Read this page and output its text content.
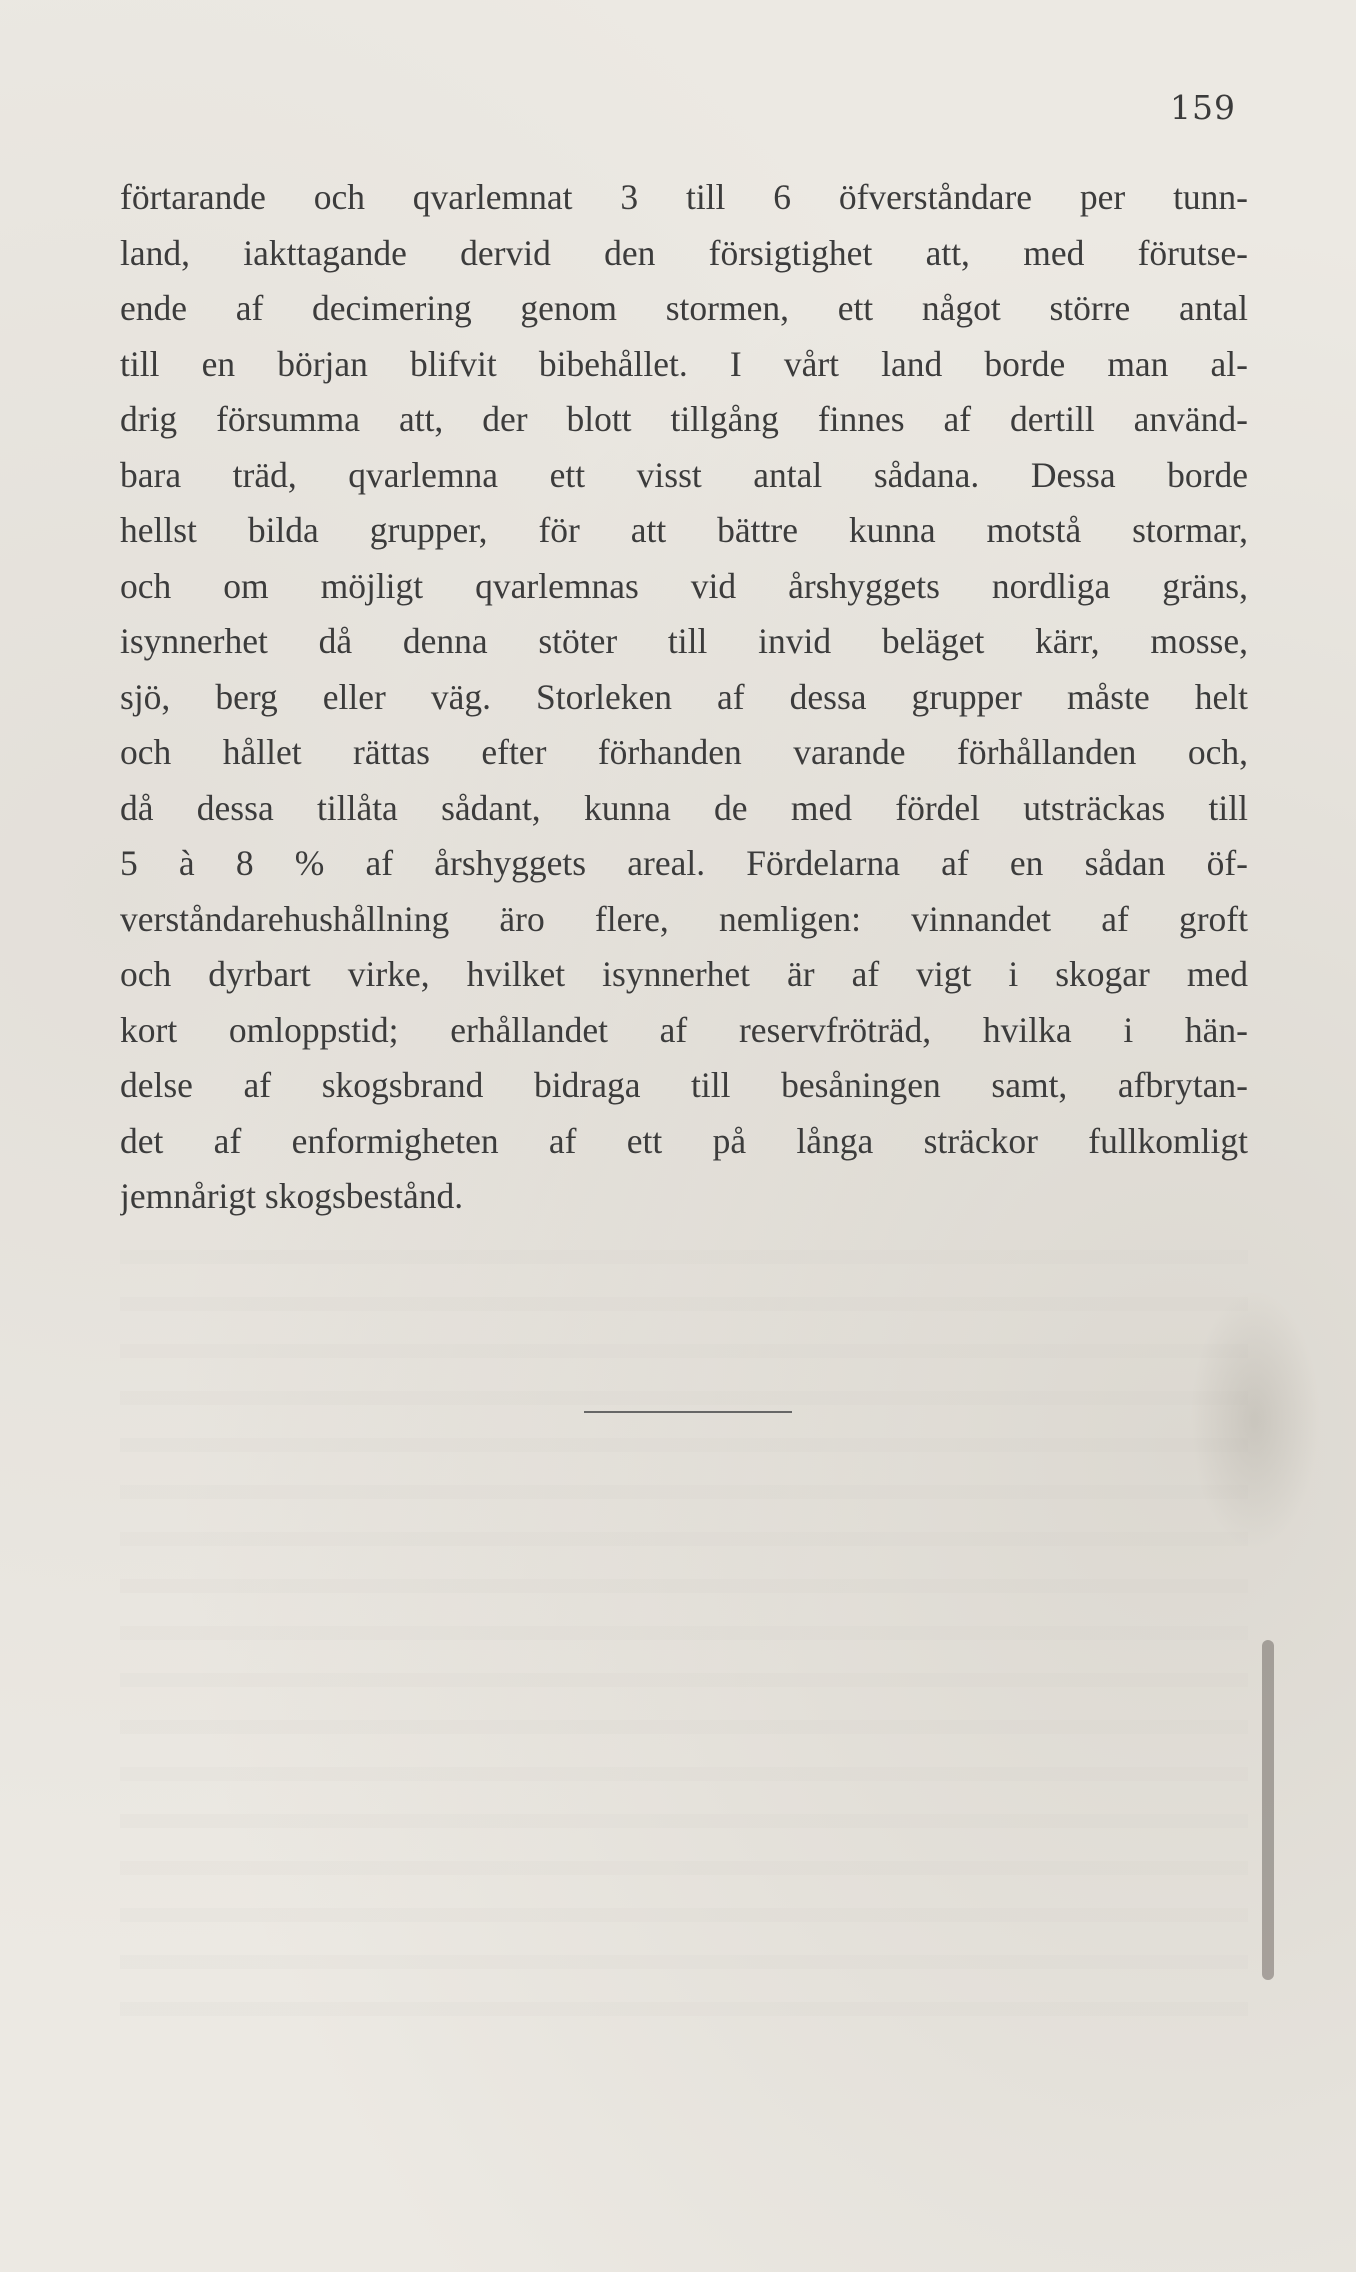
159
förtarande och qvarlemnat 3 till 6 öfverståndare per tunn-
land, iakttagande dervid den försigtighet att, med förutse-
ende af decimering genom stormen, ett något större antal
till en början blifvit bibehållet. I vårt land borde man al-
drig försumma att, der blott tillgång finnes af dertill använd-
bara träd, qvarlemna ett visst antal sådana. Dessa borde
hellst bilda grupper, för att bättre kunna motstå stormar,
och om möjligt qvarlemnas vid årshyggets nordliga gräns,
isynnerhet då denna stöter till invid beläget kärr, mosse,
sjö, berg eller väg. Storleken af dessa grupper måste helt
och hållet rättas efter förhanden varande förhållanden och,
då dessa tillåta sådant, kunna de med fördel utsträckas till
5 à 8 % af årshyggets areal. Fördelarna af en sådan öf-
verståndarehushållning äro flere, nemligen: vinnandet af groft
och dyrbart virke, hvilket isynnerhet är af vigt i skogar med
kort omloppstid; erhållandet af reservfröträd, hvilka i hän-
delse af skogsbrand bidraga till besåningen samt, afbrytan-
det af enformigheten af ett på långa sträckor fullkomligt
jemnårigt skogsbestånd.
